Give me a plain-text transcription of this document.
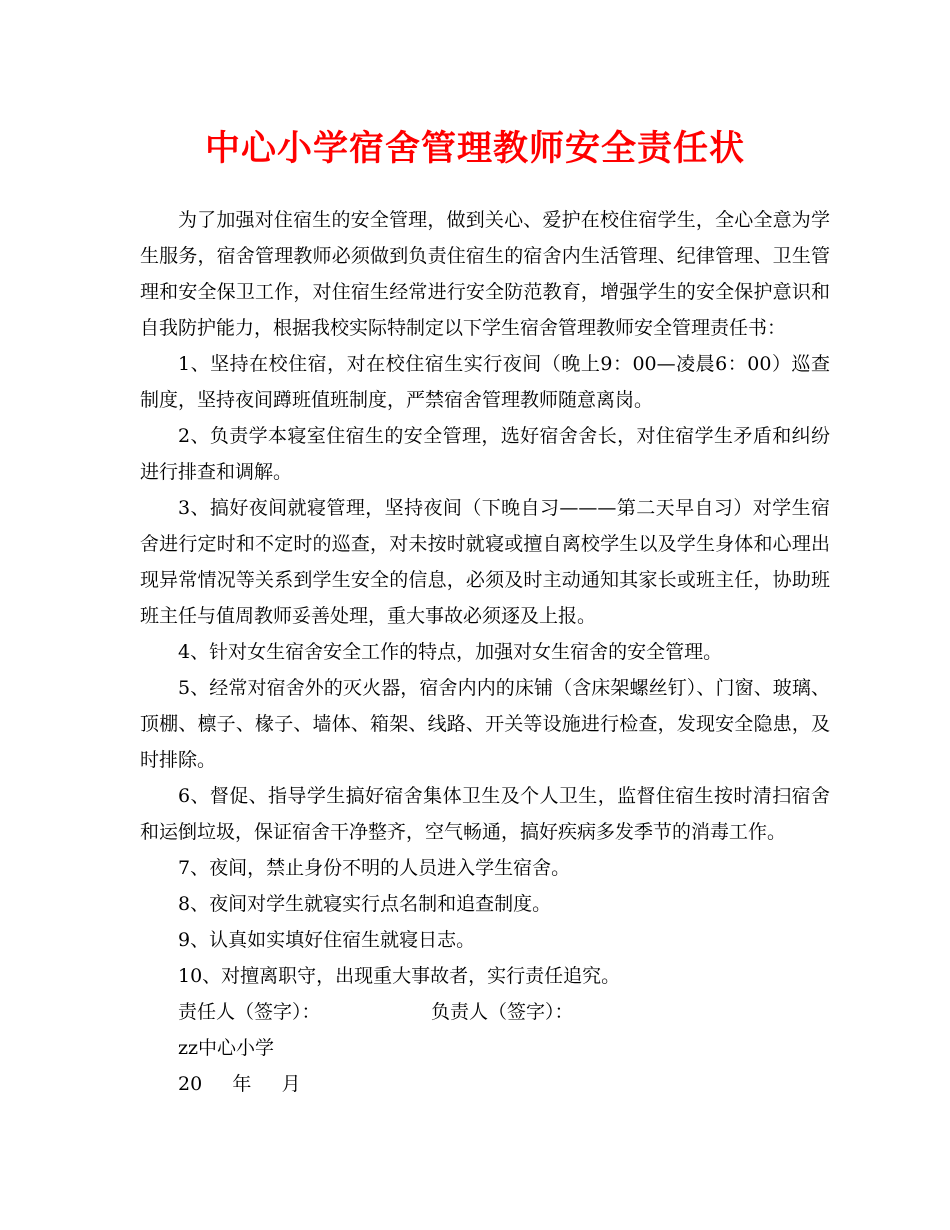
中心小学宿舍管理教师安全责任状

为了加强对住宿生的安全管理，做到关心、爱护在校住宿学生，全心全意为学生服务，宿舍管理教师必须做到负责住宿生的宿舍内生活管理、纪律管理、卫生管理和安全保卫工作，对住宿生经常进行安全防范教育，增强学生的安全保护意识和自我防护能力，根据我校实际特制定以下学生宿舍管理教师安全管理责任书：

1、坚持在校住宿，对在校住宿生实行夜间（晚上9：00—凌晨6：00）巡查制度，坚持夜间蹲班值班制度，严禁宿舍管理教师随意离岗。

2、负责学本寝室住宿生的安全管理，选好宿舍舍长，对住宿学生矛盾和纠纷进行排查和调解。

3、搞好夜间就寝管理，坚持夜间（下晚自习———第二天早自习）对学生宿舍进行定时和不定时的巡查，对未按时就寝或擅自离校学生以及学生身体和心理出现异常情况等关系到学生安全的信息，必须及时主动通知其家长或班主任，协助班班主任与值周教师妥善处理，重大事故必须逐及上报。

4、针对女生宿舍安全工作的特点，加强对女生宿舍的安全管理。

5、经常对宿舍外的灭火器，宿舍内内的床铺（含床架螺丝钉）、门窗、玻璃、顶棚、檩子、椽子、墙体、箱架、线路、开关等设施进行检查，发现安全隐患，及时排除。

6、督促、指导学生搞好宿舍集体卫生及个人卫生，监督住宿生按时清扫宿舍和运倒垃圾，保证宿舍干净整齐，空气畅通，搞好疾病多发季节的消毒工作。

7、夜间，禁止身份不明的人员进入学生宿舍。

8、夜间对学生就寝实行点名制和追查制度。

9、认真如实填好住宿生就寝日志。

10、对擅离职守，出现重大事故者，实行责任追究。

责任人（签字）：	负责人（签字）：
zz中心小学
20     年     月
